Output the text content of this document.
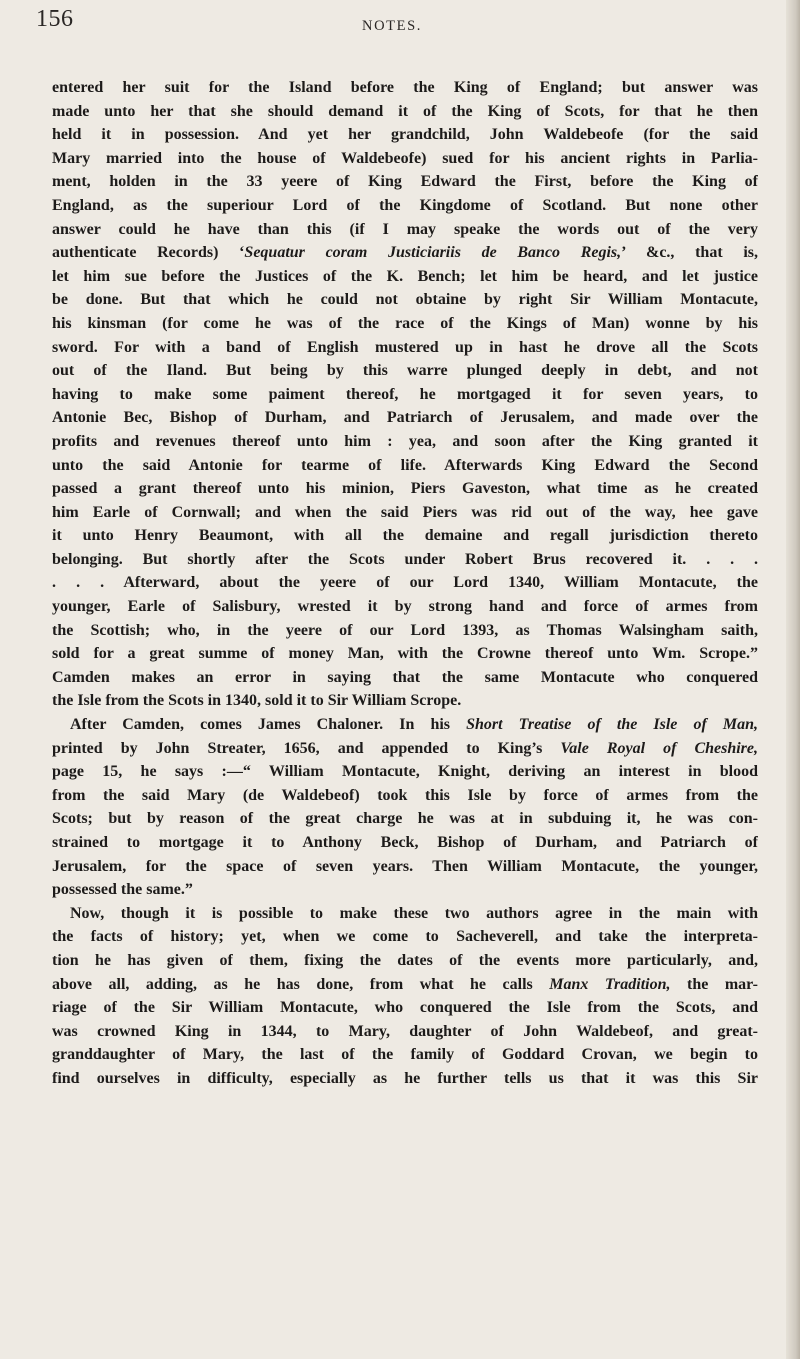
156	NOTES.
entered her suit for the Island before the King of England; but answer was
made unto her that she should demand it of the King of Scots, for that he then
held it in possession. And yet her grandchild, John Waldebeofe (for the said
Mary married into the house of Waldebeofe) sued for his ancient rights in Parlia-
ment, holden in the 33 yeere of King Edward the First, before the King of
England, as the superiour Lord of the Kingdome of Scotland. But none other
answer could he have than this (if I may speake the words out of the very
authenticate Records) ‘Sequatur coram Justiciariis de Banco Regis,’ &c., that is,
let him sue before the Justices of the K. Bench; let him be heard, and let justice
be done. But that which he could not obtaine by right Sir William Montacute,
his kinsman (for come he was of the race of the Kings of Man) wonne by his
sword. For with a band of English mustered up in hast he drove all the Scots
out of the Iland. But being by this warre plunged deeply in debt, and not
having to make some paiment thereof, he mortgaged it for seven years, to
Antonie Bec, Bishop of Durham, and Patriarch of Jerusalem, and made over the
profits and revenues thereof unto him : yea, and soon after the King granted it
unto the said Antonie for tearme of life. Afterwards King Edward the Second
passed a grant thereof unto his minion, Piers Gaveston, what time as he created
him Earle of Cornwall; and when the said Piers was rid out of the way, hee gave
it unto Henry Beaumont, with all the demaine and regall jurisdiction thereto
belonging. But shortly after the Scots under Robert Brus recovered it. . . .
. . . Afterward, about the yeere of our Lord 1340, William Montacute, the
younger, Earle of Salisbury, wrested it by strong hand and force of armes from
the Scottish; who, in the yeere of our Lord 1393, as Thomas Walsingham saith,
sold for a great summe of money Man, with the Crowne thereof unto Wm. Scrope.”
Camden makes an error in saying that the same Montacute who conquered
the Isle from the Scots in 1340, sold it to Sir William Scrope.
After Camden, comes James Chaloner. In his Short Treatise of the Isle of Man,
printed by John Streater, 1656, and appended to King’s Vale Royal of Cheshire,
page 15, he says :—“ William Montacute, Knight, deriving an interest in blood
from the said Mary (de Waldebeof) took this Isle by force of armes from the
Scots; but by reason of the great charge he was at in subduing it, he was con-
strained to mortgage it to Anthony Beck, Bishop of Durham, and Patriarch of
Jerusalem, for the space of seven years. Then William Montacute, the younger,
possessed the same.”
Now, though it is possible to make these two authors agree in the main with
the facts of history; yet, when we come to Sacheverell, and take the interpreta-
tion he has given of them, fixing the dates of the events more particularly, and,
above all, adding, as he has done, from what he calls Manx Tradition, the mar-
riage of the Sir William Montacute, who conquered the Isle from the Scots, and
was crowned King in 1344, to Mary, daughter of John Waldebeof, and great-
granddaughter of Mary, the last of the family of Goddard Crovan, we begin to
find ourselves in difficulty, especially as he further tells us that it was this Sir
